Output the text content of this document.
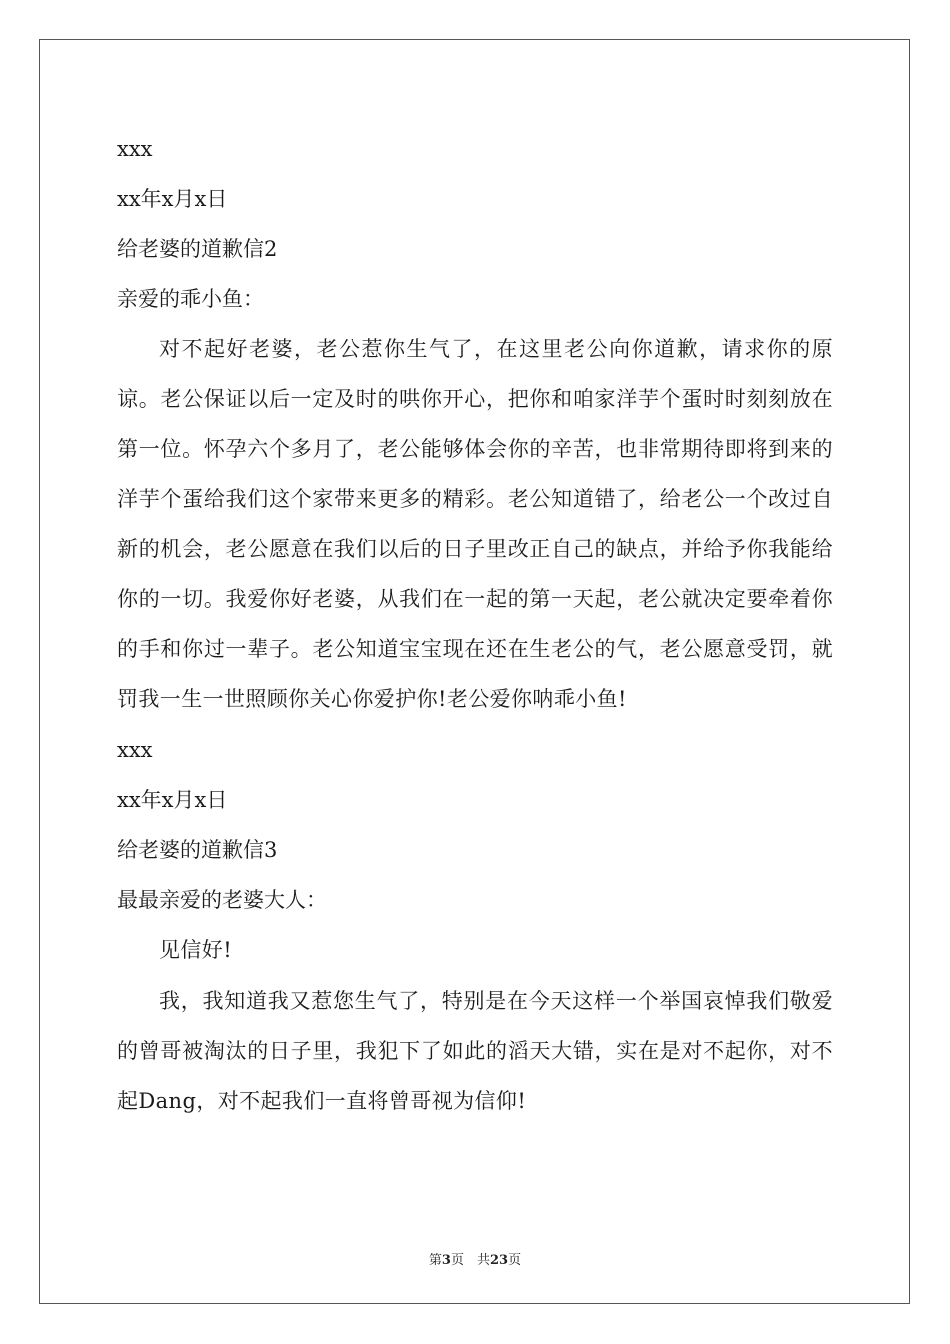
xxx
xx年x月x日
给老婆的道歉信2
亲爱的乖小鱼：
对不起好老婆，老公惹你生气了，在这里老公向你道歉，请求你的原谅。老公保证以后一定及时的哄你开心，把你和咱家洋芋个蛋时时刻刻放在第一位。怀孕六个多月了，老公能够体会你的辛苦，也非常期待即将到来的洋芋个蛋给我们这个家带来更多的精彩。老公知道错了，给老公一个改过自新的机会，老公愿意在我们以后的日子里改正自己的缺点，并给予你我能给你的一切。我爱你好老婆，从我们在一起的第一天起，老公就决定要牵着你的手和你过一辈子。老公知道宝宝现在还在生老公的气，老公愿意受罚，就罚我一生一世照顾你关心你爱护你!老公爱你呐乖小鱼!
xxx
xx年x月x日
给老婆的道歉信3
最最亲爱的老婆大人：
见信好!
我，我知道我又惹您生气了，特别是在今天这样一个举国哀悼我们敬爱的曾哥被淘汰的日子里，我犯下了如此的滔天大错，实在是对不起你，对不起Dang，对不起我们一直将曾哥视为信仰!
第3页　共23页
